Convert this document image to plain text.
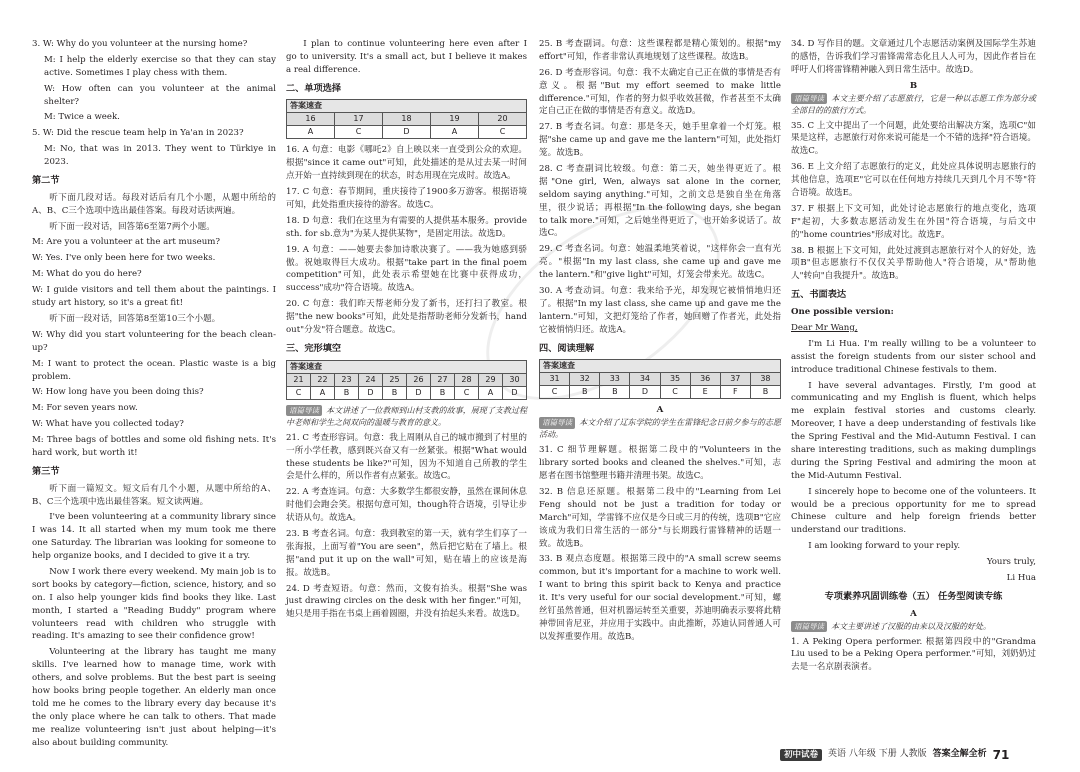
3. W: Why do you volunteer at the nursing home?

M: I help the elderly exercise so that they can stay active. Sometimes I play chess with them.

W: How often can you volunteer at the animal shelter?

M: Twice a week.

5. W: Did the rescue team help in Ya'an in 2023?

M: No, that was in 2013. They went to Türkiye in 2023.

第二节

听下面几段对话。每段对话后有几个小题，从题中所给的A、B、C三个选项中选出最佳答案。每段对话读两遍。

听下面一段对话，回答第6至第7两个小题。

M: Are you a volunteer at the art museum?

W: Yes. I've only been here for two weeks.

M: What do you do here?

W: I guide visitors and tell them about the paintings. I study art history, so it's a great fit!

听下面一段对话，回答第8至第10三个小题。

W: Why did you start volunteering for the beach clean-up?

M: I want to protect the ocean. Plastic waste is a big problem.

W: How long have you been doing this?

M: For seven years now.

W: What have you collected today?

M: Three bags of bottles and some old fishing nets. It's hard work, but worth it!

第三节

听下面一篇短文。短文后有几个小题，从题中所给的A、B、C三个选项中选出最佳答案。短文读两遍。

I've been volunteering at a community library since I was 14. It all started when my mum took me there one Saturday. The librarian was looking for someone to help organize books, and I decided to give it a try.

Now I work there every weekend. My main job is to sort books by category—fiction, science, history, and so on. I also help younger kids find books they like. Last month, I started a "Reading Buddy" program where volunteers read with children who struggle with reading. It's amazing to see their confidence grow!

Volunteering at the library has taught me many skills. I've learned how to manage time, work with others, and solve problems. But the best part is seeing how books bring people together. An elderly man once told me he comes to the library every day because it's the only place where he can talk to others. That made me realize volunteering isn't just about helping—it's also about building community.

I plan to continue volunteering here even after I go to university. It's a small act, but I believe it makes a real difference.

二、单项选择
答案速查				
16	17	18	19	20
A	C	D	A	C

16. A 句意：电影《哪吒2》自上映以来一直受到公众的欢迎。根据"since it came out"可知，此处描述的是从过去某一时间点开始一直持续到现在的状态，时态用现在完成时。故选A。

17. C 句意：春节期间，重庆接待了1900多万游客。根据语境可知，此处指重庆接待的游客。故选C。

18. D 句意：我们在这里为有需要的人提供基本服务。provide sth. for sb.意为"为某人提供某物"，是固定用法。故选D。

19. A 句意：——她要去参加诗歌决赛了。——我为她感到骄傲。祝她取得巨大成功。根据"take part in the final poem competition"可知，此处表示希望她在比赛中获得成功，success"成功"符合语境。故选A。

20. C 句意：我们昨天帮老师分发了新书，还打扫了教室。根据"the new books"可知，此处是指帮助老师分发新书，hand out"分发"符合题意。故选C。

三、完形填空
答案速查									
21	22	23	24	25	26	27	28	29	30
C	A	B	D	B	D	B	C	A	D

语篇导读 本文讲述了一位教师到山村支教的故事，展现了支教过程中老师和学生之间双向的温暖与教育的意义。

21. C 考查形容词。句意：我上周刚从自己的城市搬到了村里的一所小学任教，感到既兴奋又有一丝紧张。根据"What would these students be like?"可知，因为不知道自己所教的学生会是什么样的，所以作者有点紧张。故选C。

22. A 考查连词。句意：大多数学生都很安静，虽然在课间休息时他们会跑会笑。根据句意可知，though符合语境，引导让步状语从句。故选A。

23. B 考查名词。句意：我到教室的第一天，就有学生们享了一张海报，上面写着"You are seen"，然后把它贴在了墙上。根据"and put it up on the wall"可知，贴在墙上的应该是海报。故选B。

24. D 考查短语。句意：然而，文俊有抬头。根据"She was just drawing circles on the desk with her finger."可知，她只是用手指在书桌上画着圆圈，并没有抬起头来看。故选D。

25. B 考查副词。句意：这些课程都是精心策划的。根据"my effort"可知，作者非常认真地规划了这些课程。故选B。

26. D 考查形容词。句意：我不太确定自己正在做的事情是否有意义。根据"But my effort seemed to make little difference."可知，作者的努力似乎收效甚微，作者甚至不太确定自己正在做的事情是否有意义。故选D。

27. B 考查名词。句意：那是冬天，她手里拿着一个灯笼。根据"she came up and gave me the lantern"可知，此处指灯笼。故选B。

28. C 考查副词比较级。句意：第二天，她坐得更近了。根据"One girl, Wen, always sat alone in the corner, seldom saying anything."可知，之前文总是独自坐在角落里，很少说话；再根据"In the following days, she began to talk more."可知，之后她坐得更近了，也开始多说话了。故选C。

29. C 考查名词。句意：她温柔地笑着说，"这样你会一直有光亮。"根据"In my last class, she came up and gave me the lantern."和"give light"可知，灯笼会带来光。故选C。

30. A 考查动词。句意：我来给予光，却发现它被悄悄地归还了。根据"In my last class, she came up and gave me the lantern."可知，文把灯笼给了作者，她回赠了作者光，此处指它被悄悄归还。故选A。

四、阅读理解
答案速查							
31	32	33	34	35	36	37	38
C	B	B	D	C	E	F	B
A

语篇导读 本文介绍了辽东学院的学生在雷锋纪念日前夕参与的志愿活动。

31. C 细节理解题。根据第二段中的"Volunteers in the library sorted books and cleaned the shelves."可知，志愿者在图书馆整理书籍并清理书架。故选C。

32. B 信息还原题。根据第二段中的"Learning from Lei Feng should not be just a tradition for today or March"可知，学雷锋不应仅是今日或三月的传统，选项B"它应该成为我们日常生活的一部分"与长期践行雷锋精神的话题一致。故选B。

33. B 观点态度题。根据第三段中的"A small screw seems common, but it's important for a machine to work well. I want to bring this spirit back to Kenya and practice it. It's very useful for our social development."可知，螺丝钉虽然普通，但对机器运转至关重要，苏迪明确表示要将此精神带回肯尼亚，并应用于实践中。由此推断，苏迪认同普通人可以发挥重要作用。故选B。

34. D 写作目的题。文章通过几个志愿活动案例及国际学生苏迪的感悟，告诉我们学习雷锋需常态化且人人可为，因此作者旨在呼吁人们将雷锋精神融入到日常生活中。故选D。

B

语篇导读 本文主要介绍了志愿旅行，它是一种以志愿工作为部分或全部目的的旅行方式。

35. C 上文中提出了一个问题，此处要给出解决方案，选项C"如果是这样，志愿旅行对你来说可能是一个不错的选择"符合语境。故选C。

36. E 上文介绍了志愿旅行的定义，此处应具体说明志愿旅行的其他信息，选项E"它可以在任何地方持续几天到几个月不等"符合语境。故选E。

37. F 根据上下文可知，此处讨论志愿旅行的地点变化，选项F"起初，大多数志愿活动发生在外国"符合语境，与后文中的"home countries"形成对比。故选F。

38. B 根据上下文可知，此处过渡到志愿旅行对个人的好处，选项B"但志愿旅行不仅仅关乎帮助他人"符合语境，从"帮助他人"转向"自我提升"。故选B。

五、书面表达

One possible version:

Dear Mr Wang,

I'm Li Hua. I'm really willing to be a volunteer to assist the foreign students from our sister school and introduce traditional Chinese festivals to them.

I have several advantages. Firstly, I'm good at communicating and my English is fluent, which helps me explain festival stories and customs clearly. Moreover, I have a deep understanding of festivals like the Spring Festival and the Mid-Autumn Festival. I can share interesting traditions, such as making dumplings during the Spring Festival and admiring the moon at the Mid-Autumn Festival.

I sincerely hope to become one of the volunteers. It would be a precious opportunity for me to spread Chinese culture and help foreign friends better understand our traditions.

I am looking forward to your reply.

Yours truly,

Li Hua

专项素养巩固训练卷（五） 任务型阅读专练
A

语篇导读 本文主要讲述了汉服的由来以及汉服的好处。

1. A Peking Opera performer. 根据第四段中的"Grandma Liu used to be a Peking Opera performer."可知，刘奶奶过去是一名京剧表演者。

初中试卷	英语 八年级 下册 人教版 答案全解全析 71
